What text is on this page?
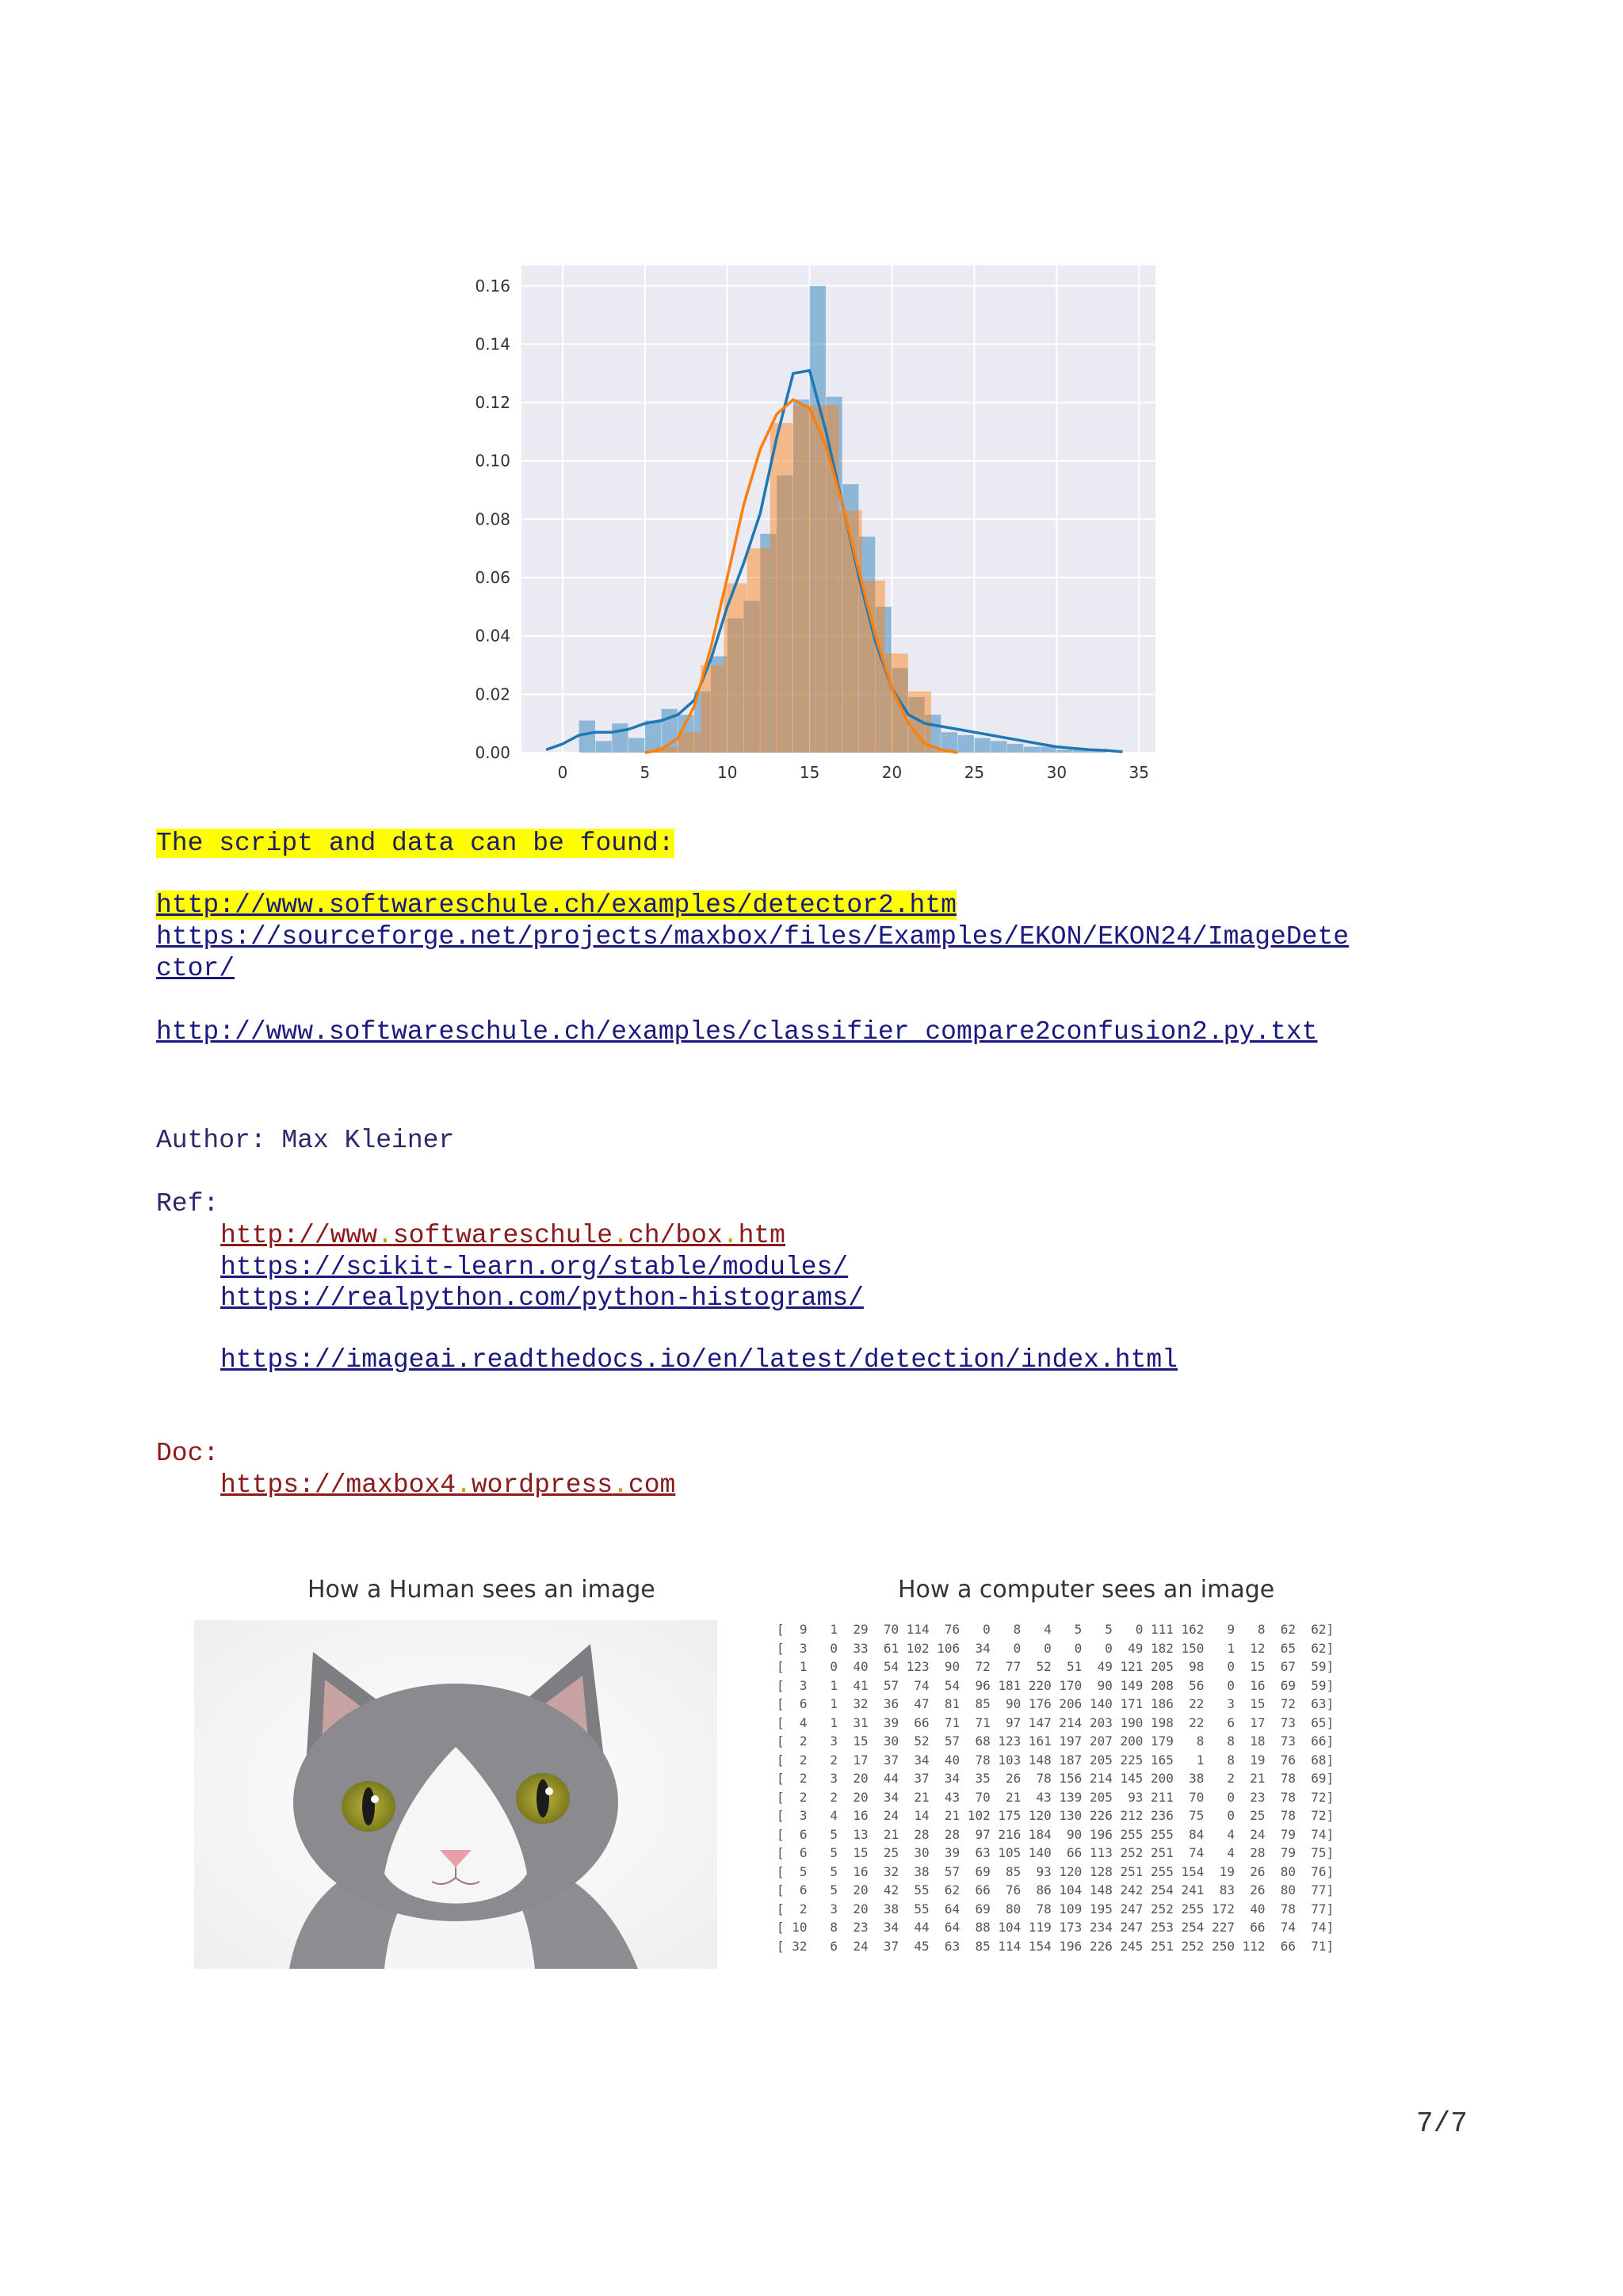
0.00
0.02
0.04
0.06
0.08
0.10
0.12
0.14
0.16
0	5	10	15	20	25	30	35
The script and data can be found:
http://www.softwareschule.ch/examples/detector2.htm
https://sourceforge.net/projects/maxbox/files/Examples/EKON/EKON24/ImageDete
ctor/
http://www.softwareschule.ch/examples/classifier_compare2confusion2.py.txt
Author: Max Kleiner
Ref:
http://www.softwareschule.ch/box.htm
https://scikit-learn.org/stable/modules/
https://realpython.com/python-histograms/
https://imageai.readthedocs.io/en/latest/detection/index.html
Doc:
https://maxbox4.wordpress.com
How a Human sees an image	How a computer sees an image
[  9   1  29  70 114  76   0   8   4   5   5   0 111 162   9   8  62  62]
[  3   0  33  61 102 106  34   0   0   0   0  49 182 150   1  12  65  62]
[  1   0  40  54 123  90  72  77  52  51  49 121 205  98   0  15  67  59]
[  3   1  41  57  74  54  96 181 220 170  90 149 208  56   0  16  69  59]
[  6   1  32  36  47  81  85  90 176 206 140 171 186  22   3  15  72  63]
[  4   1  31  39  66  71  71  97 147 214 203 190 198  22   6  17  73  65]
[  2   3  15  30  52  57  68 123 161 197 207 200 179   8   8  18  73  66]
[  2   2  17  37  34  40  78 103 148 187 205 225 165   1   8  19  76  68]
[  2   3  20  44  37  34  35  26  78 156 214 145 200  38   2  21  78  69]
[  2   2  20  34  21  43  70  21  43 139 205  93 211  70   0  23  78  72]
[  3   4  16  24  14  21 102 175 120 130 226 212 236  75   0  25  78  72]
[  6   5  13  21  28  28  97 216 184  90 196 255 255  84   4  24  79  74]
[  6   5  15  25  30  39  63 105 140  66 113 252 251  74   4  28  79  75]
[  5   5  16  32  38  57  69  85  93 120 128 251 255 154  19  26  80  76]
[  6   5  20  42  55  62  66  76  86 104 148 242 254 241  83  26  80  77]
[  2   3  20  38  55  64  69  80  78 109 195 247 252 255 172  40  78  77]
[ 10   8  23  34  44  64  88 104 119 173 234 247 253 254 227  66  74  74]
[ 32   6  24  37  45  63  85 114 154 196 226 245 251 252 250 112  66  71]
7/7
